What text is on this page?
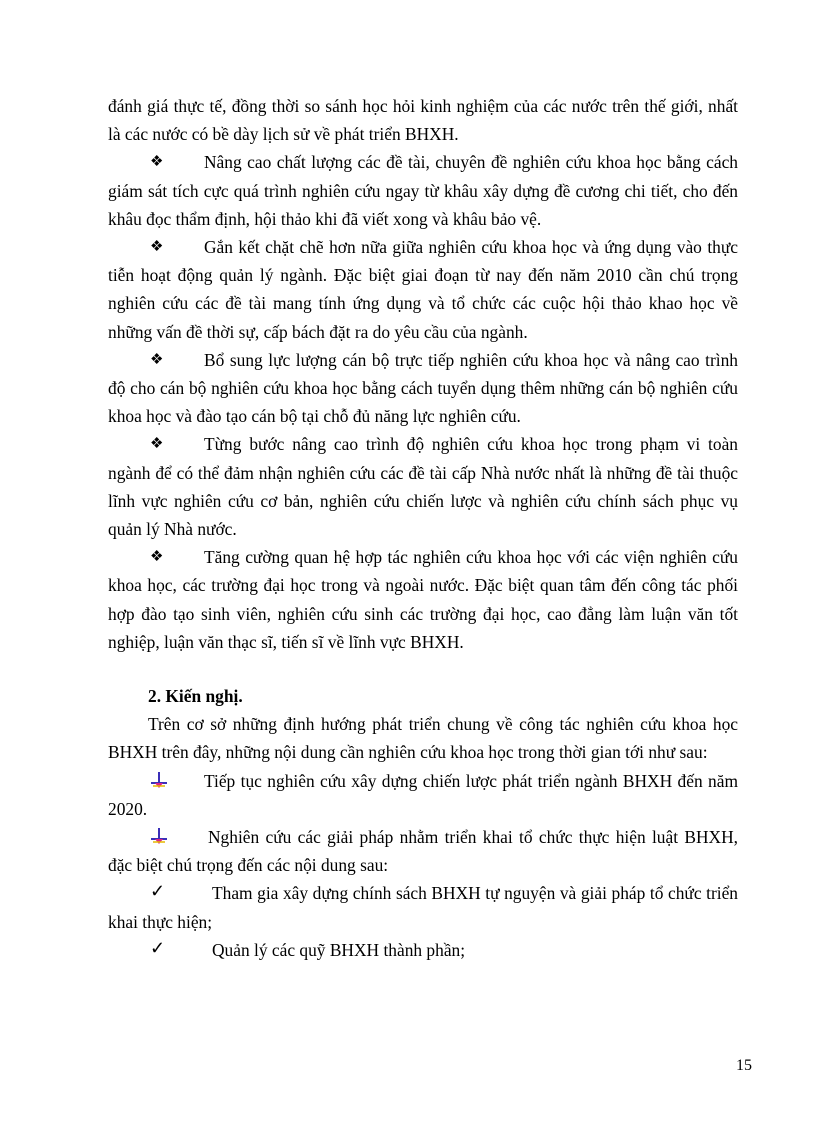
đánh giá thực tế, đồng thời so sánh học hỏi kinh nghiệm của các nước trên thế giới, nhất là các nước có bề dày lịch sử về phát triển BHXH.

❖ Nâng cao chất lượng các đề tài, chuyên đề nghiên cứu khoa học bằng cách giám sát tích cực quá trình nghiên cứu ngay từ khâu xây dựng đề cương chi tiết, cho đến khâu đọc thẩm định, hội thảo khi đã viết xong và khâu bảo vệ.

❖ Gắn kết chặt chẽ hơn nữa giữa nghiên cứu khoa học và ứng dụng vào thực tiễn hoạt động quản lý ngành. Đặc biệt giai đoạn từ nay đến năm 2010 cần chú trọng nghiên cứu các đề tài mang tính ứng dụng và tổ chức các cuộc hội thảo khao học về những vấn đề thời sự, cấp bách đặt ra do yêu cầu của ngành.

❖ Bổ sung lực lượng cán bộ trực tiếp nghiên cứu khoa học và nâng cao trình độ cho cán bộ nghiên cứu khoa học bằng cách tuyển dụng thêm những cán bộ nghiên cứu khoa học và đào tạo cán bộ tại chỗ đủ năng lực nghiên cứu.

❖ Từng bước nâng cao trình độ nghiên cứu khoa học trong phạm vi toàn ngành để có thể đảm nhận nghiên cứu các đề tài cấp Nhà nước nhất là những đề tài thuộc lĩnh vực nghiên cứu cơ bản, nghiên cứu chiến lược và nghiên cứu chính sách phục vụ quản lý Nhà nước.

❖ Tăng cường quan hệ hợp tác nghiên cứu khoa học với các viện nghiên cứu khoa học, các trường đại học trong và ngoài nước. Đặc biệt quan tâm đến công tác phối hợp đào tạo sinh viên, nghiên cứu sinh các trường đại học, cao đẳng làm luận văn tốt nghiệp, luận văn thạc sĩ, tiến sĩ về lĩnh vực BHXH.

2. Kiến nghị.

Trên cơ sở những định hướng phát triển chung về công tác nghiên cứu khoa học BHXH trên đây, những nội dung cần nghiên cứu khoa học trong thời gian tới như sau:

Tiếp tục nghiên cứu xây dựng chiến lược phát triển ngành BHXH đến năm 2020.

Nghiên cứu các giải pháp nhằm triển khai tổ chức thực hiện luật BHXH, đặc biệt chú trọng đến các nội dung sau:

✓	Tham gia xây dựng chính sách BHXH tự nguyện và giải pháp tổ chức triển khai thực hiện;

✓	Quản lý các quỹ BHXH thành phần;

15
